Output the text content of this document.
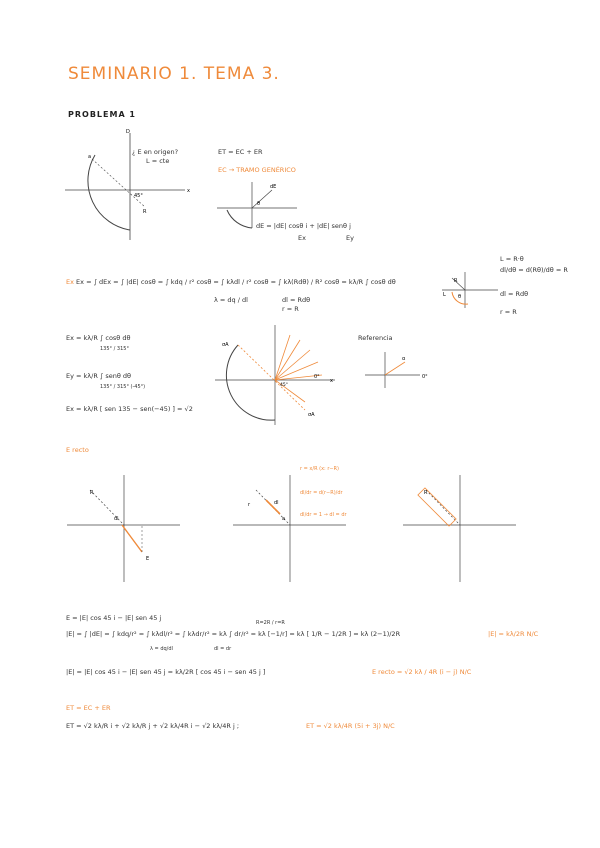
SEMINARIO 1. TEMA 3.
PROBLEMA 1
D
x
a
45°
R
¿ E en origen?
L = cte
ET = EC + ER
EC → TRAMO GENÉRICO
dE
θ
dE = |dE| cosθ i + |dE| senθ j
Ex	Ey
Ex Ex = ∫ dEx = ∫ |dE| cosθ = ∫ kdq / r² cosθ = ∫ kλdl / r² cosθ = ∫ kλ(Rdθ) / R² cosθ = kλ/R ∫ cosθ dθ
λ = dq / dl	dl = Rdθ
r = R
L = R·θ
dl/dθ = d(Rθ)/dθ = R
dl = Rdθ
r = R
L
R
θ
Ex = kλ/R ∫ cosθ dθ
135° / 315°
Ey = kλ/R ∫ senθ dθ
135° / 315° (-45°)
Ex = kλ/R [ sen 135 − sen(−45) ] = √2
σA
σA
45°
0°
x
Referencia
α
0°
E recto
R
dl
E
r	dl
a
r = x/R (x: r−R)
dl/dr = d(r−R)/dr
dl/dr = 1 → dl = dr
R
E = |E| cos 45 i − |E| sen 45 j
|E| = ∫ |dE| = ∫ kdq/r² = ∫ kλdl/r² = ∫ kλdr/r² = kλ ∫ dr/r² = kλ [−1/r] = kλ [ 1/R − 1/2R ] = kλ (2−1)/2R
R=2R / r=R
λ = dq/dl	dl = dr
|E| = kλ/2R N/C
|E| = |E| cos 45 i − |E| sen 45 j = kλ/2R [ cos 45 i − sen 45 j ]	E recto = √2 kλ / 4R (i − j) N/C
ET = EC + ER
ET = √2 kλ/R i + √2 kλ/R j + √2 kλ/4R i − √2 kλ/4R j ;	ET = √2 kλ/4R (5i + 3j) N/C
